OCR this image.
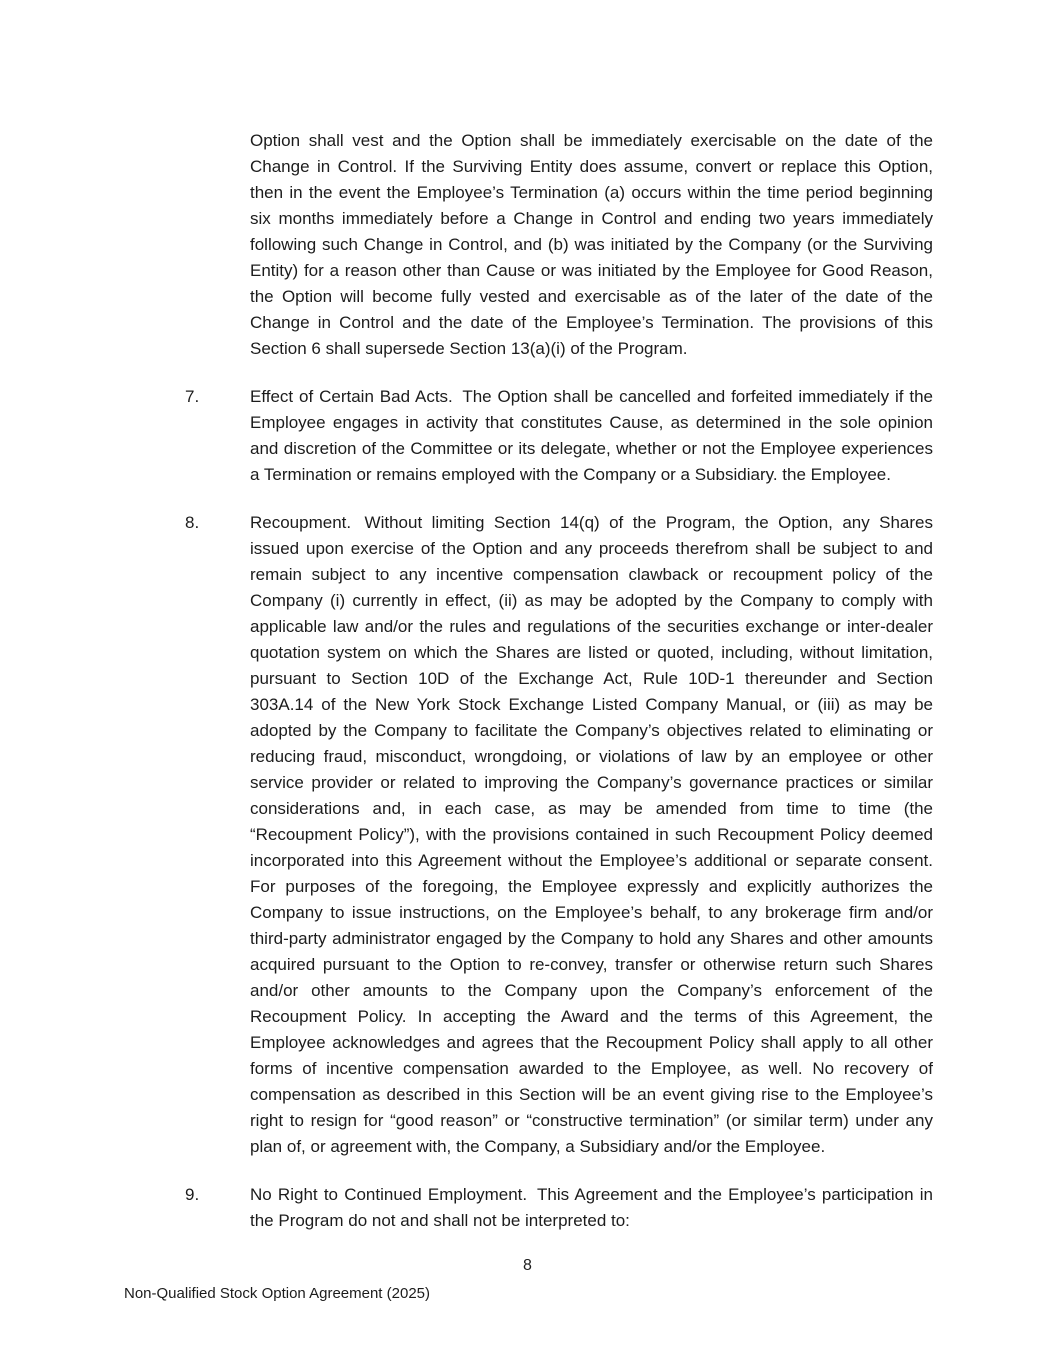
Option shall vest and the Option shall be immediately exercisable on the date of the Change in Control. If the Surviving Entity does assume, convert or replace this Option, then in the event the Employee’s Termination (a) occurs within the time period beginning six months immediately before a Change in Control and ending two years immediately following such Change in Control, and (b) was initiated by the Company (or the Surviving Entity) for a reason other than Cause or was initiated by the Employee for Good Reason, the Option will become fully vested and exercisable as of the later of the date of the Change in Control and the date of the Employee’s Termination. The provisions of this Section 6 shall supersede Section 13(a)(i) of the Program.

7.	Effect of Certain Bad Acts. The Option shall be cancelled and forfeited immediately if the Employee engages in activity that constitutes Cause, as determined in the sole opinion and discretion of the Committee or its delegate, whether or not the Employee experiences a Termination or remains employed with the Company or a Subsidiary. the Employee.
8.	Recoupment. Without limiting Section 14(q) of the Program, the Option, any Shares issued upon exercise of the Option and any proceeds therefrom shall be subject to and remain subject to any incentive compensation clawback or recoupment policy of the Company (i) currently in effect, (ii) as may be adopted by the Company to comply with applicable law and/or the rules and regulations of the securities exchange or inter-dealer quotation system on which the Shares are listed or quoted, including, without limitation, pursuant to Section 10D of the Exchange Act, Rule 10D-1 thereunder and Section 303A.14 of the New York Stock Exchange Listed Company Manual, or (iii) as may be adopted by the Company to facilitate the Company’s objectives related to eliminating or reducing fraud, misconduct, wrongdoing, or violations of law by an employee or other service provider or related to improving the Company’s governance practices or similar considerations and, in each case, as may be amended from time to time (the “Recoupment Policy”), with the provisions contained in such Recoupment Policy deemed incorporated into this Agreement without the Employee’s additional or separate consent. For purposes of the foregoing, the Employee expressly and explicitly authorizes the Company to issue instructions, on the Employee’s behalf, to any brokerage firm and/or third-party administrator engaged by the Company to hold any Shares and other amounts acquired pursuant to the Option to re-convey, transfer or otherwise return such Shares and/or other amounts to the Company upon the Company’s enforcement of the Recoupment Policy. In accepting the Award and the terms of this Agreement, the Employee acknowledges and agrees that the Recoupment Policy shall apply to all other forms of incentive compensation awarded to the Employee, as well. No recovery of compensation as described in this Section will be an event giving rise to the Employee’s right to resign for “good reason” or “constructive termination” (or similar term) under any plan of, or agreement with, the Company, a Subsidiary and/or the Employee.
9.	No Right to Continued Employment. This Agreement and the Employee’s participation in the Program do not and shall not be interpreted to:
8
Non-Qualified Stock Option Agreement (2025)
